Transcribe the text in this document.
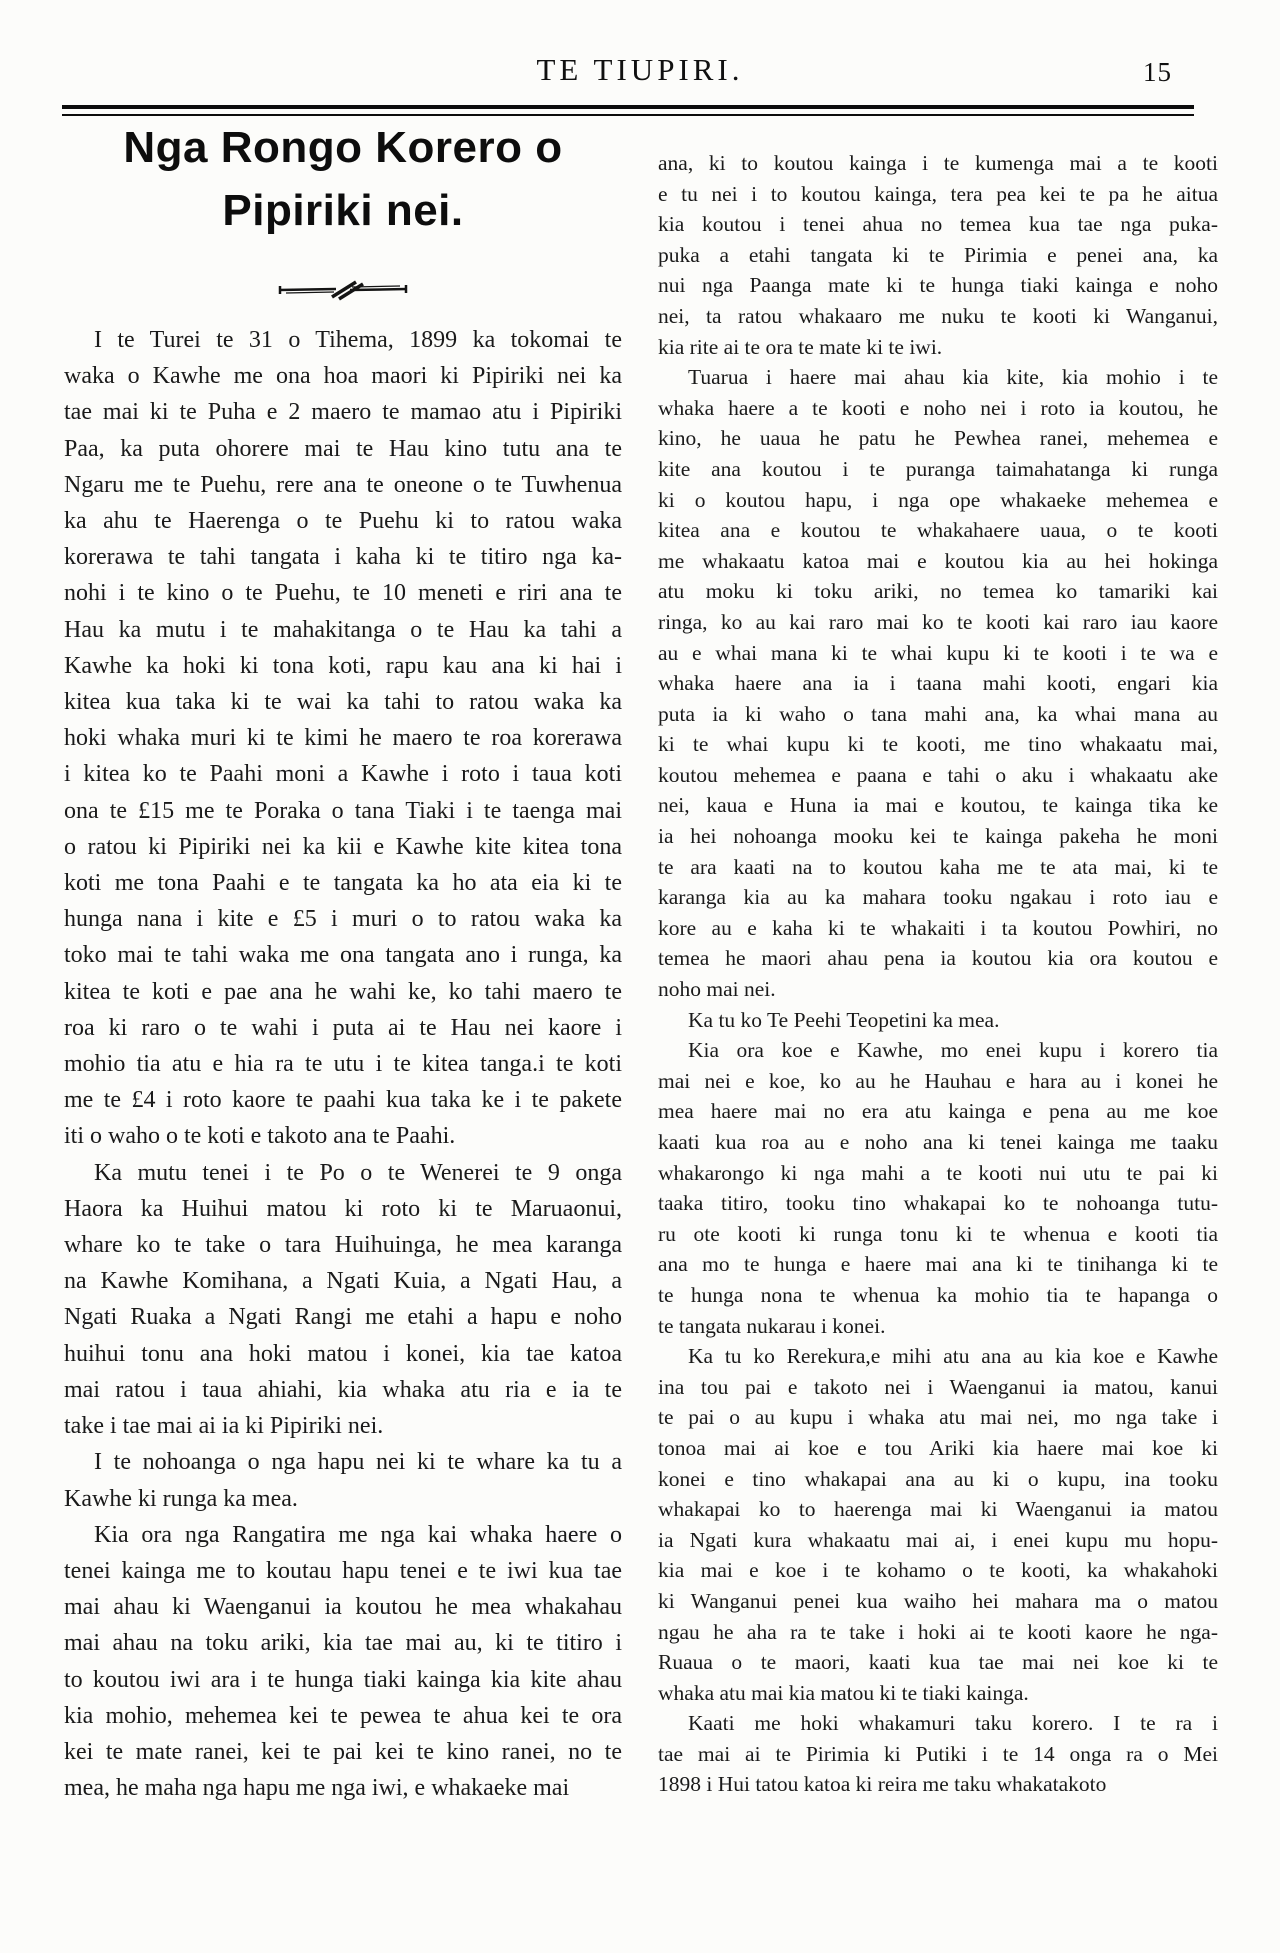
TE TIUPIRI.	15
Nga Rongo Korero o
Pipiriki nei.
I te Turei te 31 o Tihema, 1899 ka tokomai te
waka o Kawhe me ona hoa maori ki Pipiriki nei ka
tae mai ki te Puha e 2 maero te mamao atu i Pipiriki
Paa, ka puta ohorere mai te Hau kino tutu ana te
Ngaru me te Puehu, rere ana te oneone o te Tuwhenua
ka ahu te Haerenga o te Puehu ki to ratou waka
korerawa te tahi tangata i kaha ki te titiro nga ka-
nohi i te kino o te Puehu, te 10 meneti e riri ana te
Hau ka mutu i te mahakitanga o te Hau ka tahi a
Kawhe ka hoki ki tona koti, rapu kau ana ki hai i
kitea kua taka ki te wai ka tahi to ratou waka ka
hoki whaka muri ki te kimi he maero te roa korerawa
i kitea ko te Paahi moni a Kawhe i roto i taua koti
ona te £15 me te Poraka o tana Tiaki i te taenga mai
o ratou ki Pipiriki nei ka kii e Kawhe kite kitea tona
koti me tona Paahi e te tangata ka ho ata eia ki te
hunga nana i kite e £5 i muri o to ratou waka ka
toko mai te tahi waka me ona tangata ano i runga, ka
kitea te koti e pae ana he wahi ke, ko tahi maero te
roa ki raro o te wahi i puta ai te Hau nei kaore i
mohio tia atu e hia ra te utu i te kitea tanga.i te koti
me te £4 i roto kaore te paahi kua taka ke i te pakete
iti o waho o te koti e takoto ana te Paahi.
Ka mutu tenei i te Po o te Wenerei te 9 onga
Haora ka Huihui matou ki roto ki te Maruaonui,
whare ko te take o tara Huihuinga, he mea karanga
na Kawhe Komihana, a Ngati Kuia, a Ngati Hau, a
Ngati Ruaka a Ngati Rangi me etahi a hapu e noho
huihui tonu ana hoki matou i konei, kia tae katoa
mai ratou i taua ahiahi, kia whaka atu ria e ia te
take i tae mai ai ia ki Pipiriki nei.
I te nohoanga o nga hapu nei ki te whare ka tu a
Kawhe ki runga ka mea.
Kia ora nga Rangatira me nga kai whaka haere o
tenei kainga me to koutau hapu tenei e te iwi kua tae
mai ahau ki Waenganui ia koutou he mea whakahau
mai ahau na toku ariki, kia tae mai au, ki te titiro i
to koutou iwi ara i te hunga tiaki kainga kia kite ahau
kia mohio, mehemea kei te pewea te ahua kei te ora
kei te mate ranei, kei te pai kei te kino ranei, no te
mea, he maha nga hapu me nga iwi, e whakaeke mai
ana, ki to koutou kainga i te kumenga mai a te kooti
e tu nei i to koutou kainga, tera pea kei te pa he aitua
kia koutou i tenei ahua no temea kua tae nga puka-
puka a etahi tangata ki te Pirimia e penei ana, ka
nui nga Paanga mate ki te hunga tiaki kainga e noho
nei, ta ratou whakaaro me nuku te kooti ki Wanganui,
kia rite ai te ora te mate ki te iwi.
Tuarua i haere mai ahau kia kite, kia mohio i te
whaka haere a te kooti e noho nei i roto ia koutou, he
kino, he uaua he patu he Pewhea ranei, mehemea e
kite ana koutou i te puranga taimahatanga ki runga
ki o koutou hapu, i nga ope whakaeke mehemea e
kitea ana e koutou te whakahaere uaua, o te kooti
me whakaatu katoa mai e koutou kia au hei hokinga
atu moku ki toku ariki, no temea ko tamariki kai
ringa, ko au kai raro mai ko te kooti kai raro iau kaore
au e whai mana ki te whai kupu ki te kooti i te wa e
whaka haere ana ia i taana mahi kooti, engari kia
puta ia ki waho o tana mahi ana, ka whai mana au
ki te whai kupu ki te kooti, me tino whakaatu mai,
koutou mehemea e paana e tahi o aku i whakaatu ake
nei, kaua e Huna ia mai e koutou, te kainga tika ke
ia hei nohoanga mooku kei te kainga pakeha he moni
te ara kaati na to koutou kaha me te ata mai, ki te
karanga kia au ka mahara tooku ngakau i roto iau e
kore au e kaha ki te whakaiti i ta koutou Powhiri, no
temea he maori ahau pena ia koutou kia ora koutou e
noho mai nei.
Ka tu ko Te Peehi Teopetini ka mea.
Kia ora koe e Kawhe, mo enei kupu i korero tia
mai nei e koe, ko au he Hauhau e hara au i konei he
mea haere mai no era atu kainga e pena au me koe
kaati kua roa au e noho ana ki tenei kainga me taaku
whakarongo ki nga mahi a te kooti nui utu te pai ki
taaka titiro, tooku tino whakapai ko te nohoanga tutu-
ru ote kooti ki runga tonu ki te whenua e kooti tia
ana mo te hunga e haere mai ana ki te tinihanga ki te
te hunga nona te whenua ka mohio tia te hapanga o
te tangata nukarau i konei.
Ka tu ko Rerekura,e mihi atu ana au kia koe e Kawhe
ina tou pai e takoto nei i Waenganui ia matou, kanui
te pai o au kupu i whaka atu mai nei, mo nga take i
tonoa mai ai koe e tou Ariki kia haere mai koe ki
konei e tino whakapai ana au ki o kupu, ina tooku
whakapai ko to haerenga mai ki Waenganui ia matou
ia Ngati kura whakaatu mai ai, i enei kupu mu hopu-
kia mai e koe i te kohamo o te kooti, ka whakahoki
ki Wanganui penei kua waiho hei mahara ma o matou
ngau he aha ra te take i hoki ai te kooti kaore he nga-
Ruaua o te maori, kaati kua tae mai nei koe ki te
whaka atu mai kia matou ki te tiaki kainga.
Kaati me hoki whakamuri taku korero. I te ra i
tae mai ai te Pirimia ki Putiki i te 14 onga ra o Mei
1898 i Hui tatou katoa ki reira me taku whakatakoto
